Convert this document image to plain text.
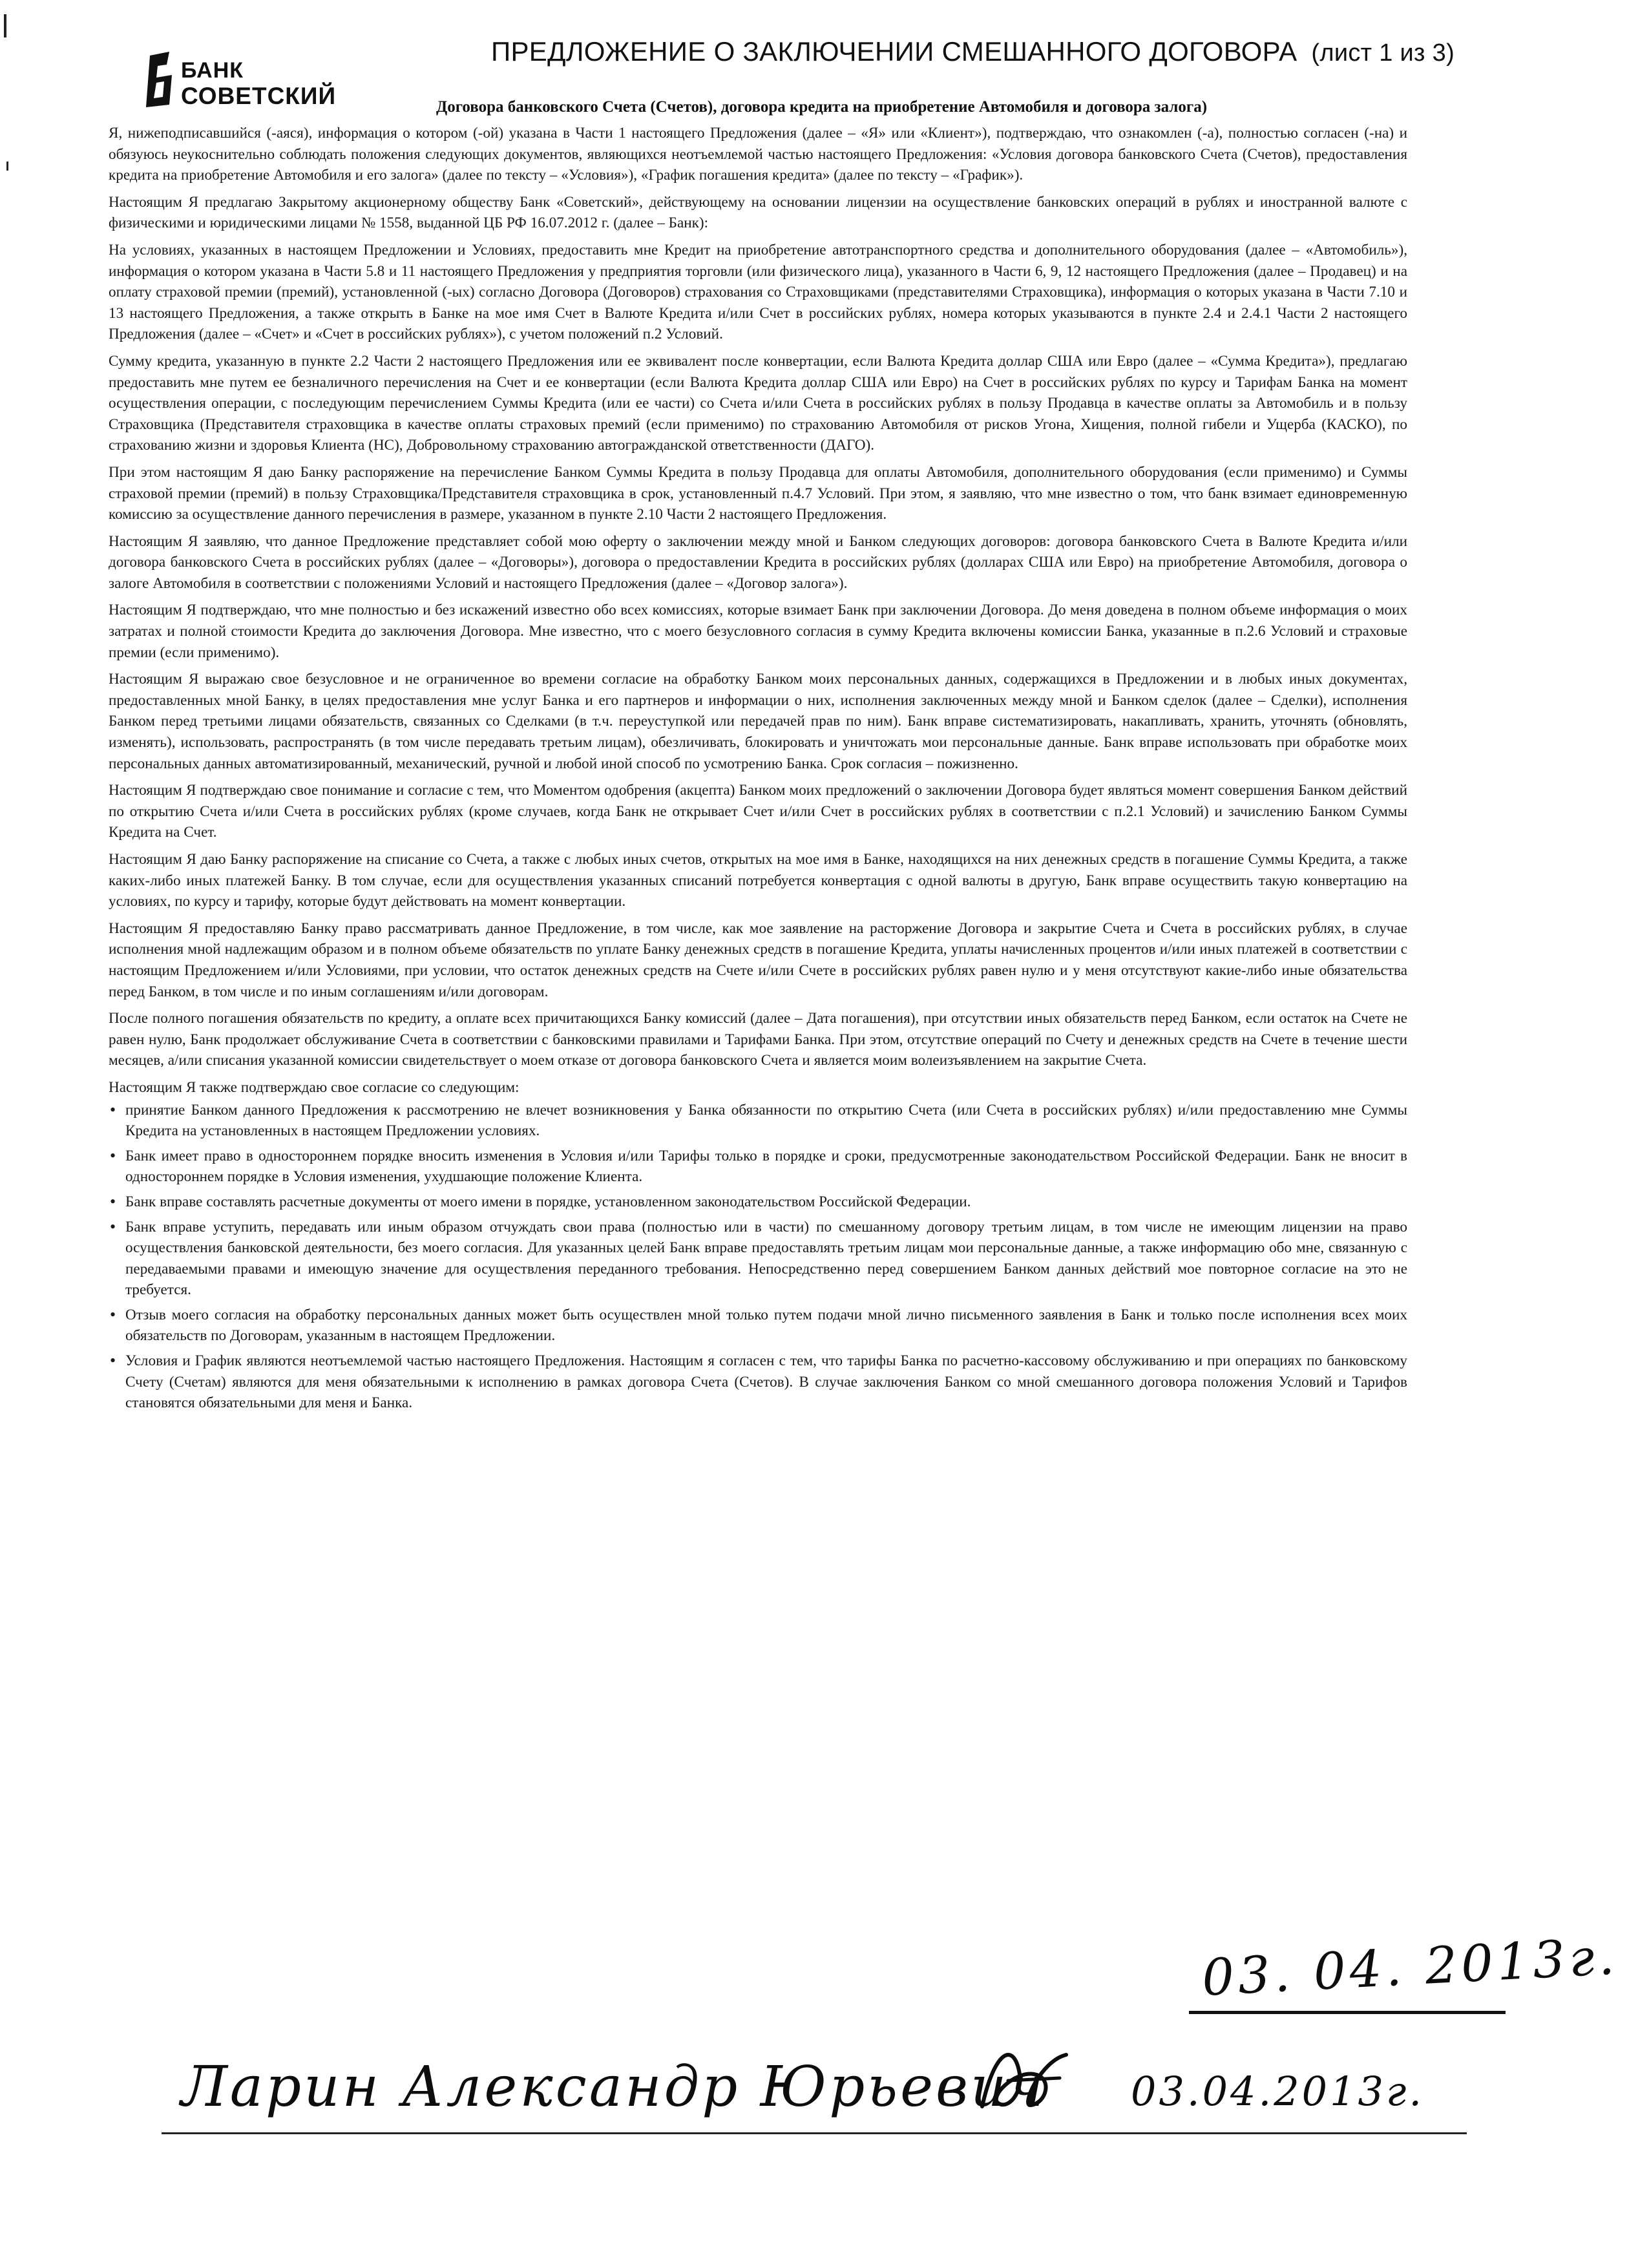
БАНК
СОВЕТСКИЙ
ПРЕДЛОЖЕНИЕ О ЗАКЛЮЧЕНИИ СМЕШАННОГО ДОГОВОРА (лист 1 из 3)
Договора банковского Счета (Счетов), договора кредита на приобретение Автомобиля и договора залога)

Я, нижеподписавшийся (-аяся), информация о котором (-ой) указана в Части 1 настоящего Предложения (далее – «Я» или «Клиент»), подтверждаю, что ознакомлен (-а), полностью согласен (-на) и обязуюсь неукоснительно соблюдать положения следующих документов, являющихся неотъемлемой частью настоящего Предложения: «Условия договора банковского Счета (Счетов), предоставления кредита на приобретение Автомобиля и его залога» (далее по тексту – «Условия»), «График погашения кредита» (далее по тексту – «График»).

Настоящим Я предлагаю Закрытому акционерному обществу Банк «Советский», действующему на основании лицензии на осуществление банковских операций в рублях и иностранной валюте с физическими и юридическими лицами № 1558, выданной ЦБ РФ 16.07.2012 г. (далее – Банк):

На условиях, указанных в настоящем Предложении и Условиях, предоставить мне Кредит на приобретение автотранспортного средства и дополнительного оборудования (далее – «Автомобиль»), информация о котором указана в Части 5.8 и 11 настоящего Предложения у предприятия торговли (или физического лица), указанного в Части 6, 9, 12 настоящего Предложения (далее – Продавец) и на оплату страховой премии (премий), установленной (-ых) согласно Договора (Договоров) страхования со Страховщиками (представителями Страховщика), информация о которых указана в Части 7.10 и 13 настоящего Предложения, а также открыть в Банке на мое имя Счет в Валюте Кредита и/или Счет в российских рублях, номера которых указываются в пункте 2.4 и 2.4.1 Части 2 настоящего Предложения (далее – «Счет» и «Счет в российских рублях»), с учетом положений п.2 Условий.

Сумму кредита, указанную в пункте 2.2 Части 2 настоящего Предложения или ее эквивалент после конвертации, если Валюта Кредита доллар США или Евро (далее – «Сумма Кредита»), предлагаю предоставить мне путем ее безналичного перечисления на Счет и ее конвертации (если Валюта Кредита доллар США или Евро) на Счет в российских рублях по курсу и Тарифам Банка на момент осуществления операции, с последующим перечислением Суммы Кредита (или ее части) со Счета и/или Счета в российских рублях в пользу Продавца в качестве оплаты за Автомобиль и в пользу Страховщика (Представителя страховщика в качестве оплаты страховых премий (если применимо) по страхованию Автомобиля от рисков Угона, Хищения, полной гибели и Ущерба (КАСКО), по страхованию жизни и здоровья Клиента (НС), Добровольному страхованию автогражданской ответственности (ДАГО).

При этом настоящим Я даю Банку распоряжение на перечисление Банком Суммы Кредита в пользу Продавца для оплаты Автомобиля, дополнительного оборудования (если применимо) и Суммы страховой премии (премий) в пользу Страховщика/Представителя страховщика в срок, установленный п.4.7 Условий. При этом, я заявляю, что мне известно о том, что банк взимает единовременную комиссию за осуществление данного перечисления в размере, указанном в пункте 2.10 Части 2 настоящего Предложения.

Настоящим Я заявляю, что данное Предложение представляет собой мою оферту о заключении между мной и Банком следующих договоров: договора банковского Счета в Валюте Кредита и/или договора банковского Счета в российских рублях (далее – «Договоры»), договора о предоставлении Кредита в российских рублях (долларах США или Евро) на приобретение Автомобиля, договора о залоге Автомобиля в соответствии с положениями Условий и настоящего Предложения (далее – «Договор залога»).

Настоящим Я подтверждаю, что мне полностью и без искажений известно обо всех комиссиях, которые взимает Банк при заключении Договора. До меня доведена в полном объеме информация о моих затратах и полной стоимости Кредита до заключения Договора. Мне известно, что с моего безусловного согласия в сумму Кредита включены комиссии Банка, указанные в п.2.6 Условий и страховые премии (если применимо).

Настоящим Я выражаю свое безусловное и не ограниченное во времени согласие на обработку Банком моих персональных данных, содержащихся в Предложении и в любых иных документах, предоставленных мной Банку, в целях предоставления мне услуг Банка и его партнеров и информации о них, исполнения заключенных между мной и Банком сделок (далее – Сделки), исполнения Банком перед третьими лицами обязательств, связанных со Сделками (в т.ч. переуступкой или передачей прав по ним). Банк вправе систематизировать, накапливать, хранить, уточнять (обновлять, изменять), использовать, распространять (в том числе передавать третьим лицам), обезличивать, блокировать и уничтожать мои персональные данные. Банк вправе использовать при обработке моих персональных данных автоматизированный, механический, ручной и любой иной способ по усмотрению Банка. Срок согласия – пожизненно.

Настоящим Я подтверждаю свое понимание и согласие с тем, что Моментом одобрения (акцепта) Банком моих предложений о заключении Договора будет являться момент совершения Банком действий по открытию Счета и/или Счета в российских рублях (кроме случаев, когда Банк не открывает Счет и/или Счет в российских рублях в соответствии с п.2.1 Условий) и зачислению Банком Суммы Кредита на Счет.

Настоящим Я даю Банку распоряжение на списание со Счета, а также с любых иных счетов, открытых на мое имя в Банке, находящихся на них денежных средств в погашение Суммы Кредита, а также каких-либо иных платежей Банку. В том случае, если для осуществления указанных списаний потребуется конвертация с одной валюты в другую, Банк вправе осуществить такую конвертацию на условиях, по курсу и тарифу, которые будут действовать на момент конвертации.

Настоящим Я предоставляю Банку право рассматривать данное Предложение, в том числе, как мое заявление на расторжение Договора и закрытие Счета и Счета в российских рублях, в случае исполнения мной надлежащим образом и в полном объеме обязательств по уплате Банку денежных средств в погашение Кредита, уплаты начисленных процентов и/или иных платежей в соответствии с настоящим Предложением и/или Условиями, при условии, что остаток денежных средств на Счете и/или Счете в российских рублях равен нулю и у меня отсутствуют какие-либо иные обязательства перед Банком, в том числе и по иным соглашениям и/или договорам.

После полного погашения обязательств по кредиту, а оплате всех причитающихся Банку комиссий (далее – Дата погашения), при отсутствии иных обязательств перед Банком, если остаток на Счете не равен нулю, Банк продолжает обслуживание Счета в соответствии с банковскими правилами и Тарифами Банка. При этом, отсутствие операций по Счету и денежных средств на Счете в течение шести месяцев, а/или списания указанной комиссии свидетельствует о моем отказе от договора банковского Счета и является моим волеизъявлением на закрытие Счета.

Настоящим Я также подтверждаю свое согласие со следующим:

• принятие Банком данного Предложения к рассмотрению не влечет возникновения у Банка обязанности по открытию Счета (или Счета в российских рублях) и/или предоставлению мне Суммы Кредита на установленных в настоящем Предложении условиях.
• Банк имеет право в одностороннем порядке вносить изменения в Условия и/или Тарифы только в порядке и сроки, предусмотренные законодательством Российской Федерации. Банк не вносит в одностороннем порядке в Условия изменения, ухудшающие положение Клиента.
• Банк вправе составлять расчетные документы от моего имени в порядке, установленном законодательством Российской Федерации.
• Банк вправе уступить, передавать или иным образом отчуждать свои права (полностью или в части) по смешанному договору третьим лицам, в том числе не имеющим лицензии на право осуществления банковской деятельности, без моего согласия. Для указанных целей Банк вправе предоставлять третьим лицам мои персональные данные, а также информацию обо мне, связанную с передаваемыми правами и имеющую значение для осуществления переданного требования. Непосредственно перед совершением Банком данных действий мое повторное согласие на это не требуется.
• Отзыв моего согласия на обработку персональных данных может быть осуществлен мной только путем подачи мной лично письменного заявления в Банк и только после исполнения всех моих обязательств по Договорам, указанным в настоящем Предложении.
• Условия и График являются неотъемлемой частью настоящего Предложения. Настоящим я согласен с тем, что тарифы Банка по расчетно-кассовому обслуживанию и при операциях по банковскому Счету (Счетам) являются для меня обязательными к исполнению в рамках договора Счета (Счетов). В случае заключения Банком со мной смешанного договора положения Условий и Тарифов становятся обязательными для меня и Банка.
03. 04. 2013г.
Ларин Александр Юрьевич 03.04.2013г.
